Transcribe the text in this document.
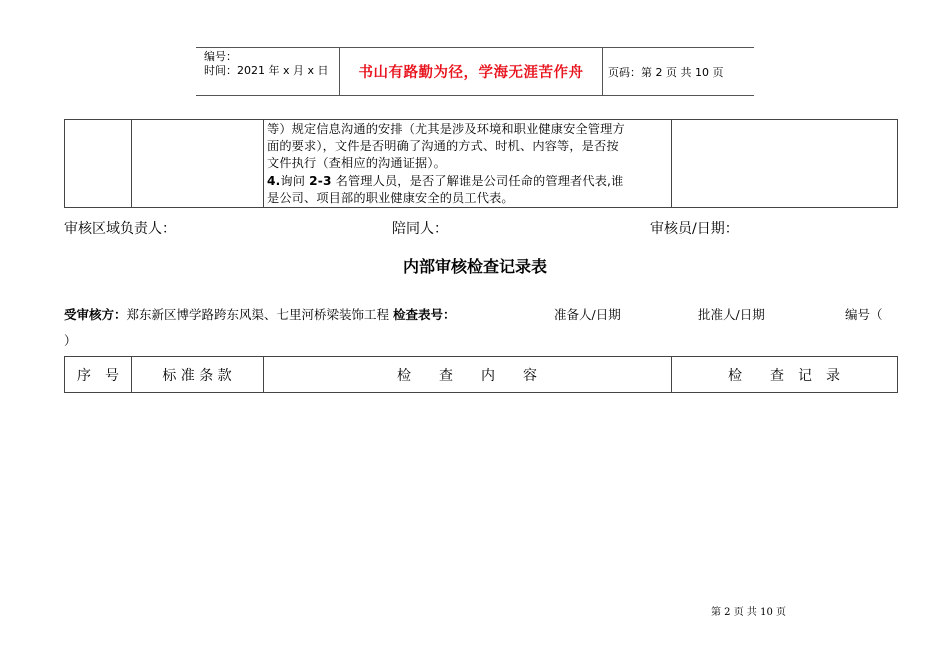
编号：
时间：2021 年 x 月 x 日	书山有路勤为径，学海无涯苦作舟	页码：第 2 页 共 10 页
等）规定信息沟通的安排（尤其是涉及环境和职业健康安全管理方
面的要求），文件是否明确了沟通的方式、时机、内容等，是否按
文件执行（查相应的沟通证据）。
4.询问 2-3 名管理人员，是否了解谁是公司任命的管理者代表,谁
是公司、项目部的职业健康安全的员工代表。
审核区域负责人：	陪同人：	审核员/日期：
内部审核检查记录表
受审核方：郑东新区博学路跨东风渠、七里河桥梁装饰工程 检查表号：	准备人/日期	批准人/日期	编号（
）
序　号	标 准 条 款	检　　查　　内　　容	检　　查　记　录
第 2 页 共 10 页
